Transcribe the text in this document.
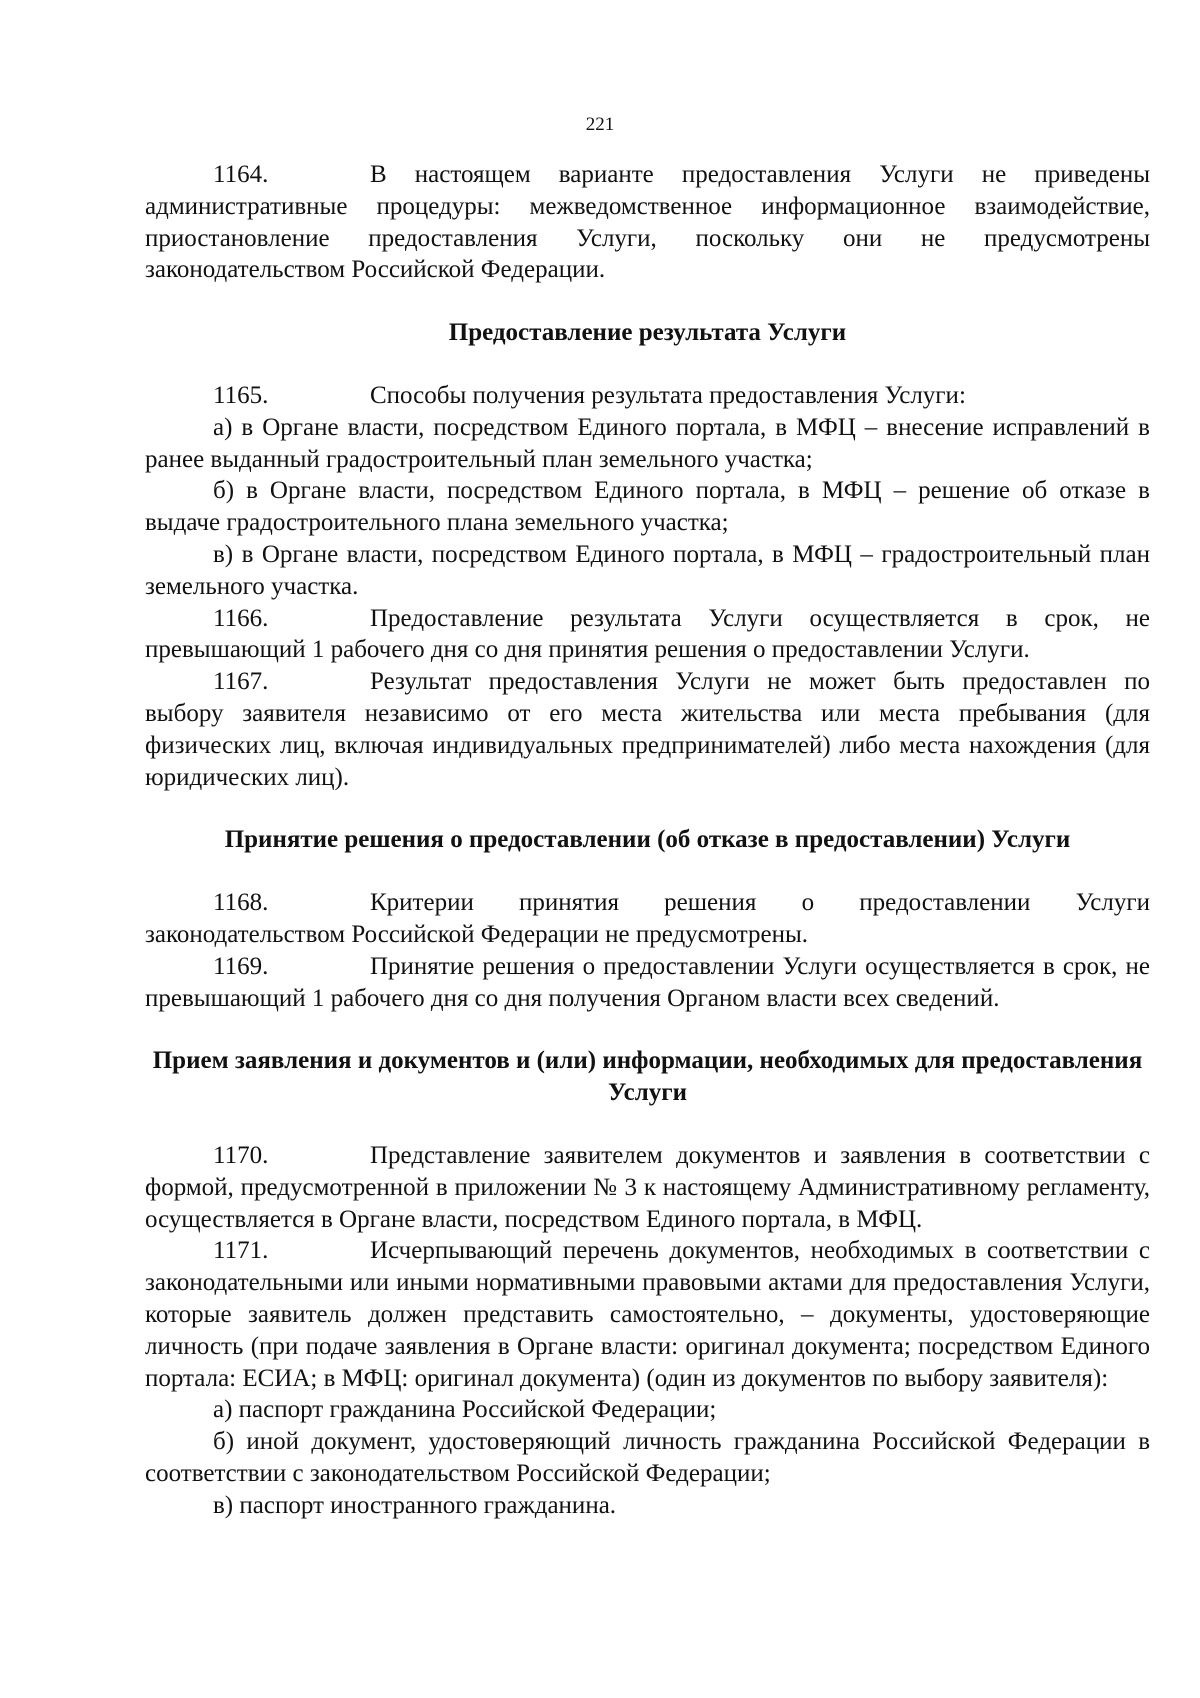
221

1164.	В настоящем варианте предоставления Услуги не приведены административные процедуры: межведомственное информационное взаимодействие, приостановление предоставления Услуги, поскольку они не предусмотрены законодательством Российской Федерации.

Предоставление результата Услуги

1165.	Способы получения результата предоставления Услуги:

а) в Органе власти, посредством Единого портала, в МФЦ – внесение исправлений в ранее выданный градостроительный план земельного участка;

б) в Органе власти, посредством Единого портала, в МФЦ – решение об отказе в выдаче градостроительного плана земельного участка;

в) в Органе власти, посредством Единого портала, в МФЦ – градостроительный план земельного участка.

1166.	Предоставление результата Услуги осуществляется в срок, не превышающий 1 рабочего дня со дня принятия решения о предоставлении Услуги.

1167.	Результат предоставления Услуги не может быть предоставлен по выбору заявителя независимо от его места жительства или места пребывания (для физических лиц, включая индивидуальных предпринимателей) либо места нахождения (для юридических лиц).

Принятие решения о предоставлении (об отказе в предоставлении) Услуги

1168.	Критерии принятия решения о предоставлении Услуги законодательством Российской Федерации не предусмотрены.

1169.	Принятие решения о предоставлении Услуги осуществляется в срок, не превышающий 1 рабочего дня со дня получения Органом власти всех сведений.

Прием заявления и документов и (или) информации, необходимых для предоставления Услуги

1170.	Представление заявителем документов и заявления в соответствии с формой, предусмотренной в приложении № 3 к настоящему Административному регламенту, осуществляется в Органе власти, посредством Единого портала, в МФЦ.

1171.	Исчерпывающий перечень документов, необходимых в соответствии с законодательными или иными нормативными правовыми актами для предоставления Услуги, которые заявитель должен представить самостоятельно, – документы, удостоверяющие личность (при подаче заявления в Органе власти: оригинал документа; посредством Единого портала: ЕСИА; в МФЦ: оригинал документа) (один из документов по выбору заявителя):

а) паспорт гражданина Российской Федерации;

б) иной документ, удостоверяющий личность гражданина Российской Федерации в соответствии с законодательством Российской Федерации;

в) паспорт иностранного гражданина.
